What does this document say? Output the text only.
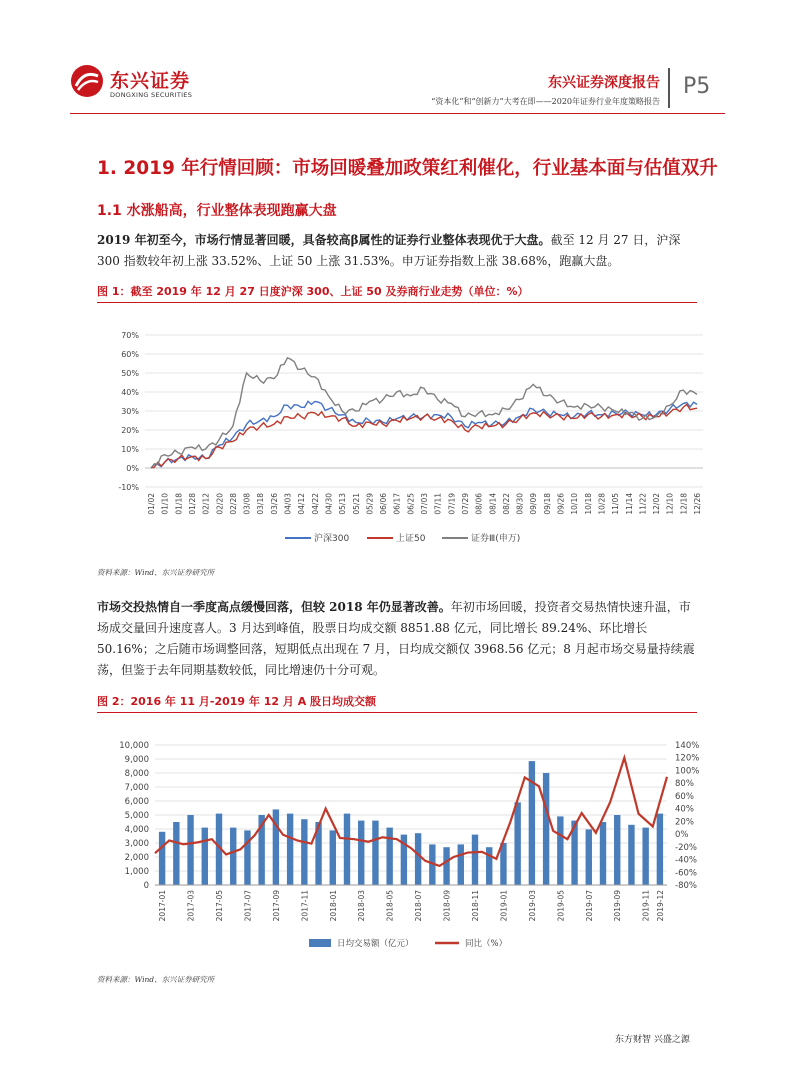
东兴证券
DONGXING SECURITIES
东兴证券深度报告
“资本化”和“创新力”大考在即——2020年证券行业年度策略报告
P5
1. 2019 年行情回顾：市场回暖叠加政策红利催化，行业基本面与估值双升
1.1 水涨船高，行业整体表现跑赢大盘
2019 年初至今，市场行情显著回暖，具备较高β属性的证券行业整体表现优于大盘。截至 12 月 27 日，沪深 300 指数较年初上涨 33.52%、上证 50 上涨 31.53%。申万证券指数上涨 38.68%，跑赢大盘。
图 1：截至 2019 年 12 月 27 日度沪深 300、上证 50 及券商行业走势（单位：%）
-10%
0%
10%
20%
30%
40%
50%
60%
70%
01/02 01/10 01/18 01/28 02/12 02/20 02/28 03/08 03/18 03/26 04/03 04/12 04/22 04/30 05/13 05/21 05/29 06/06 06/17 06/25 07/03 07/11 07/19 07/29 08/06 08/14 08/22 08/30 09/09 09/18 09/26 10/10 10/18 10/28 11/05 11/14 11/22 12/02 12/10 12/18 12/26
沪深300	上证50	证券Ⅲ(申万)
资料来源：Wind、东兴证券研究所
市场交投热情自一季度高点缓慢回落，但较 2018 年仍显著改善。年初市场回暖，投资者交易热情快速升温，市场成交量回升速度喜人。3 月达到峰值，股票日均成交额 8851.88 亿元，同比增长 89.24%、环比增长 50.16%；之后随市场调整回落，短期低点出现在 7 月，日均成交额仅 3968.56 亿元；8 月起市场交易量持续震荡，但鉴于去年同期基数较低，同比增速仍十分可观。
图 2：2016 年 11 月-2019 年 12 月 A 股日均成交额
0
1,000
2,000
3,000
4,000
5,000
6,000
7,000
8,000
9,000
10,000
-80%
-60%
-40%
-20%
0%
20%
40%
60%
80%
100%
120%
140%
2017-01	2017-03	2017-05	2017-07	2017-09	2017-11	2018-01	2018-03	2018-05	2018-07	2018-09	2018-11	2019-01	2019-03	2019-05	2019-07	2019-09	2019-11 2019-12
日均交易额（亿元）	同比（%）
资料来源：Wind、东兴证券研究所
东方财智 兴盛之源
